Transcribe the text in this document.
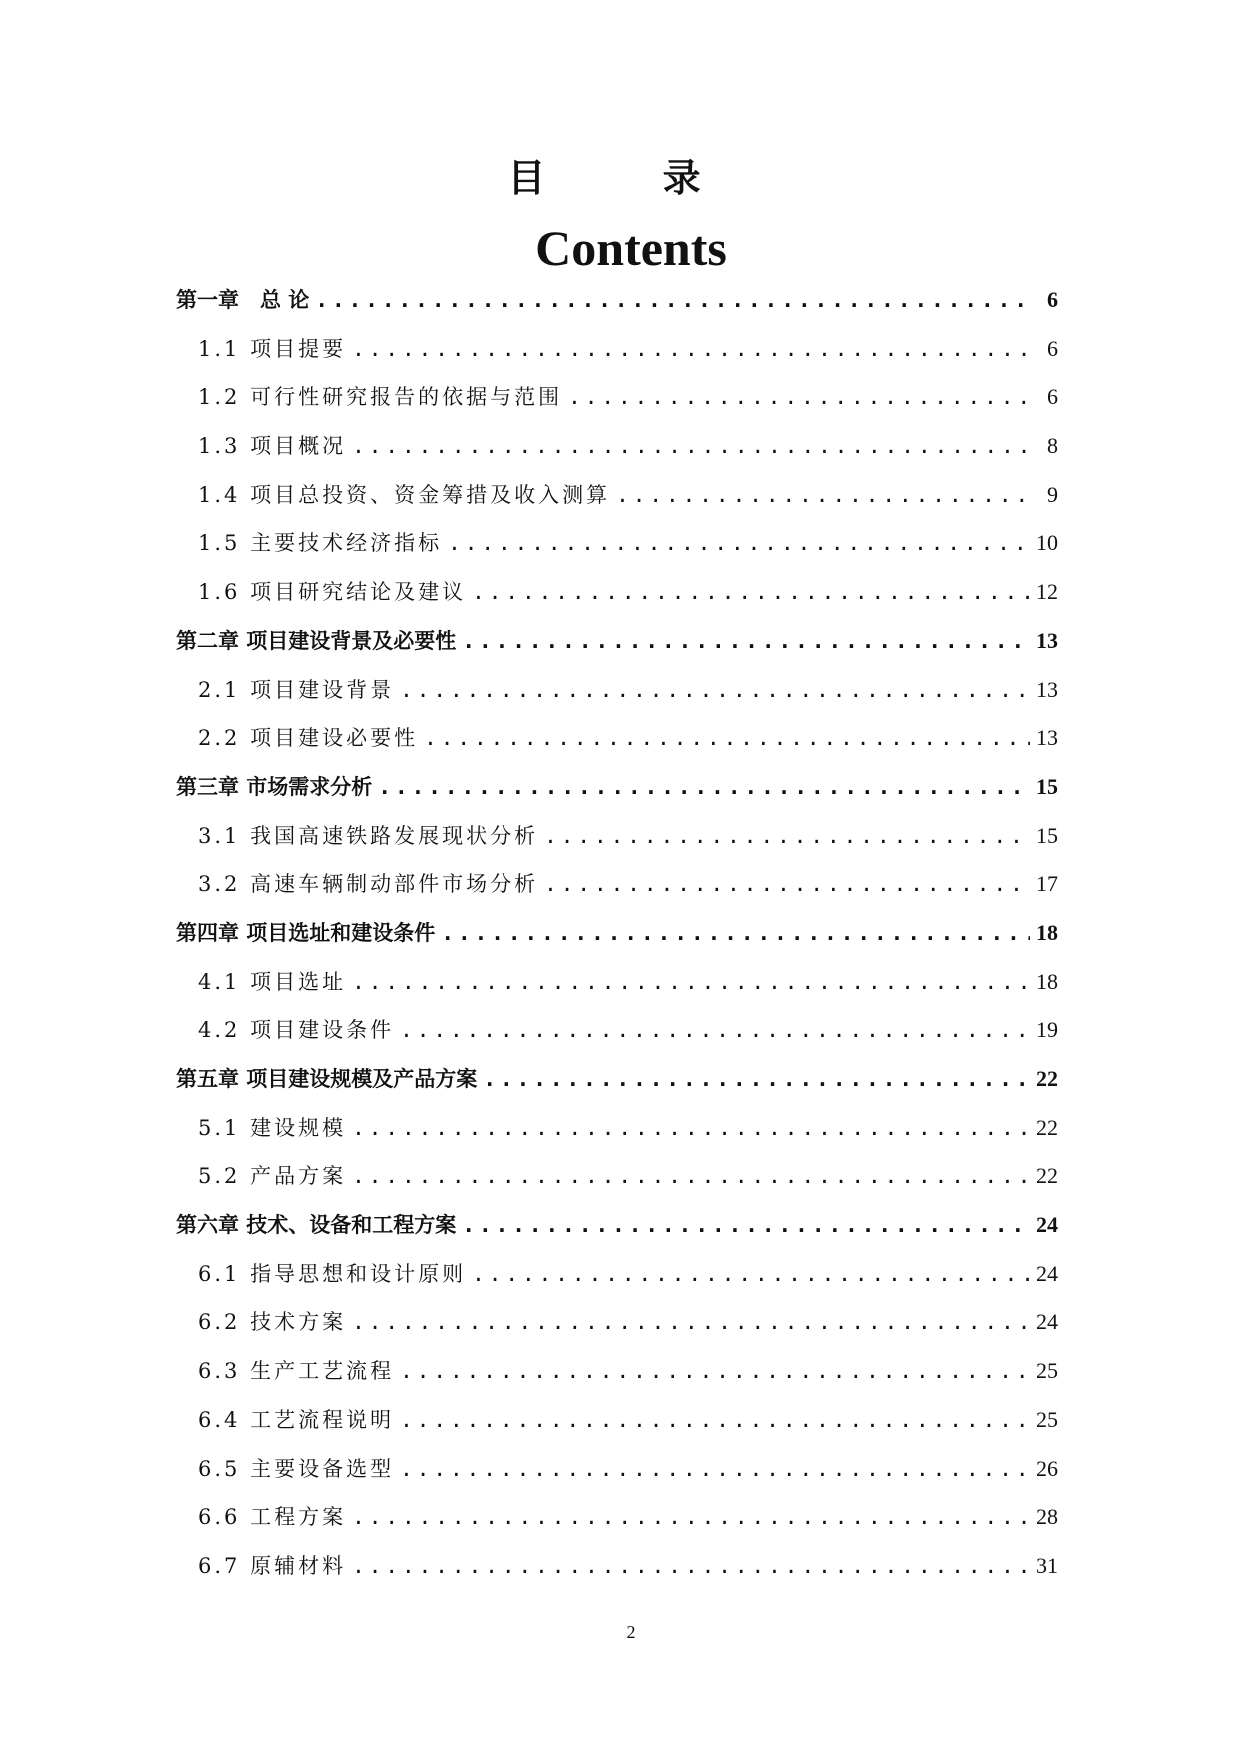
目 录
Contents
第一章　总 论 .....	6
1.1 项目提要 .....	6
1.2 可行性研究报告的依据与范围 .....	6
1.3 项目概况 .....	8
1.4 项目总投资、资金筹措及收入测算 .....	9
1.5 主要技术经济指标 .....	10
1.6 项目研究结论及建议 .....	12
第二章 项目建设背景及必要性 .....	13
2.1 项目建设背景 .....	13
2.2 项目建设必要性 .....	13
第三章 市场需求分析 .....	15
3.1 我国高速铁路发展现状分析 .....	15
3.2 高速车辆制动部件市场分析 .....	17
第四章 项目选址和建设条件 .....	18
4.1 项目选址 .....	18
4.2 项目建设条件 .....	19
第五章 项目建设规模及产品方案 .....	22
5.1 建设规模 .....	22
5.2 产品方案 .....	22
第六章 技术、设备和工程方案 .....	24
6.1 指导思想和设计原则 .....	24
6.2 技术方案 .....	24
6.3 生产工艺流程 .....	25
6.4 工艺流程说明 .....	25
6.5 主要设备选型 .....	26
6.6 工程方案 .....	28
6.7 原辅材料 .....	31
2
